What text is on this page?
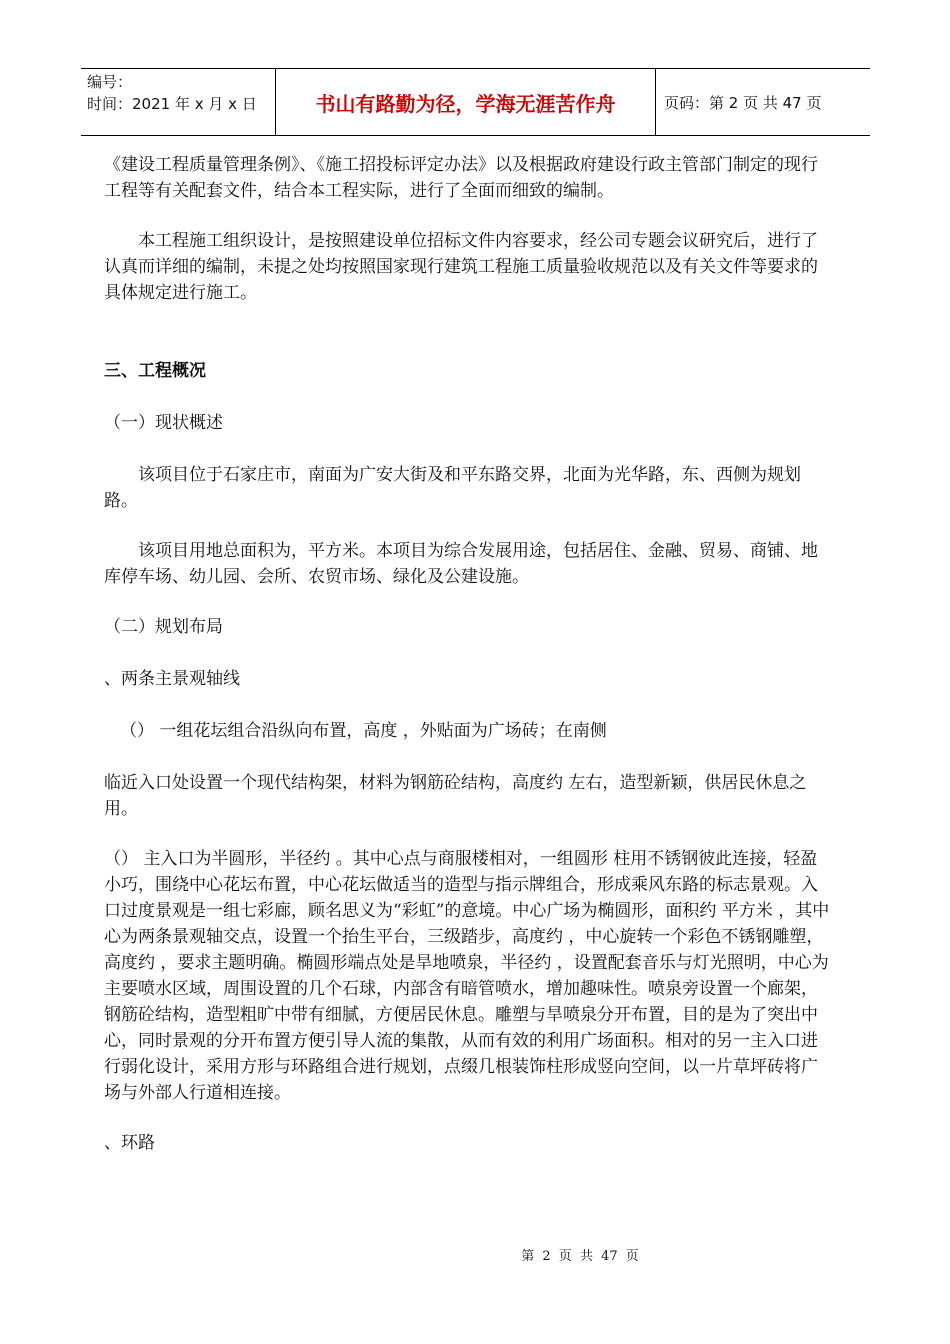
编号：
时间：2021 年 x 月 x 日	书山有路勤为径，学海无涯苦作舟	页码：第 2 页 共 47 页

《建设工程质量管理条例》、《施工招投标评定办法》以及根据政府建设行政主管部门制定的现行工程等有关配套文件，结合本工程实际，进行了全面而细致的编制。

本工程施工组织设计，是按照建设单位招标文件内容要求，经公司专题会议研究后，进行了认真而详细的编制，未提之处均按照国家现行建筑工程施工质量验收规范以及有关文件等要求的具体规定进行施工。

三、工程概况

（一）现状概述

该项目位于石家庄市，南面为广安大街及和平东路交界，北面为光华路，东、西侧为规划路。

该项目用地总面积为，平方米。本项目为综合发展用途，包括居住、金融、贸易、商铺、地库停车场、幼儿园、会所、农贸市场、绿化及公建设施。

（二）规划布局

、两条主景观轴线

（） 一组花坛组合沿纵向布置，高度 ，外贴面为广场砖；在南侧

临近入口处设置一个现代结构架，材料为钢筋砼结构，高度约 左右，造型新颖，供居民休息之用。

（） 主入口为半圆形，半径约 。其中心点与商服楼相对，一组圆形 柱用不锈钢彼此连接，轻盈小巧，围绕中心花坛布置，中心花坛做适当的造型与指示牌组合，形成乘风东路的标志景观。入口过度景观是一组七彩廊，顾名思义为“彩虹”的意境。中心广场为椭圆形，面积约 平方米 ，其中心为两条景观轴交点，设置一个抬生平台，三级踏步，高度约 ，中心旋转一个彩色不锈钢雕塑，高度约 ，要求主题明确。椭圆形端点处是旱地喷泉，半径约 ，设置配套音乐与灯光照明，中心为主要喷水区域，周围设置的几个石球，内部含有暗管喷水，增加趣味性。喷泉旁设置一个廊架，钢筋砼结构，造型粗旷中带有细腻，方便居民休息。雕塑与旱喷泉分开布置，目的是为了突出中心，同时景观的分开布置方便引导人流的集散，从而有效的利用广场面积。相对的另一主入口进行弱化设计，采用方形与环路组合进行规划，点缀几根装饰柱形成竖向空间，以一片草坪砖将广场与外部人行道相连接。

、环路

第 2 页 共 47 页
